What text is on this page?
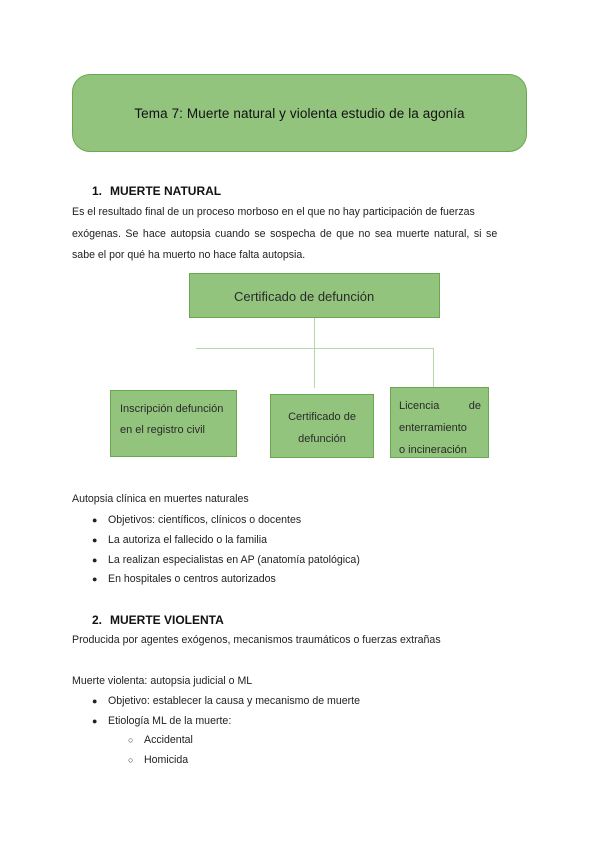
Tema 7: Muerte natural y violenta estudio de la agonía
1. MUERTE NATURAL
Es el resultado final de un proceso morboso en el que no hay participación de fuerzas
exógenas. Se hace autopsia cuando se sospecha de que no sea muerte natural, si se
sabe el por qué ha muerto no hace falta autopsia.
Certificado de defunción
Inscripción defunción
en el registro civil
Certificado de
defunción
Licencia	de
enterramiento
o incineración
Autopsia clínica en muertes naturales
● Objetivos: científicos, clínicos o docentes
● La autoriza el fallecido o la familia
● La realizan especialistas en AP (anatomía patológica)
● En hospitales o centros autorizados
2. MUERTE VIOLENTA
Producida por agentes exógenos, mecanismos traumáticos o fuerzas extrañas
Muerte violenta: autopsia judicial o ML
● Objetivo: establecer la causa y mecanismo de muerte
● Etiología ML de la muerte:
○ Accidental
○ Homicida
